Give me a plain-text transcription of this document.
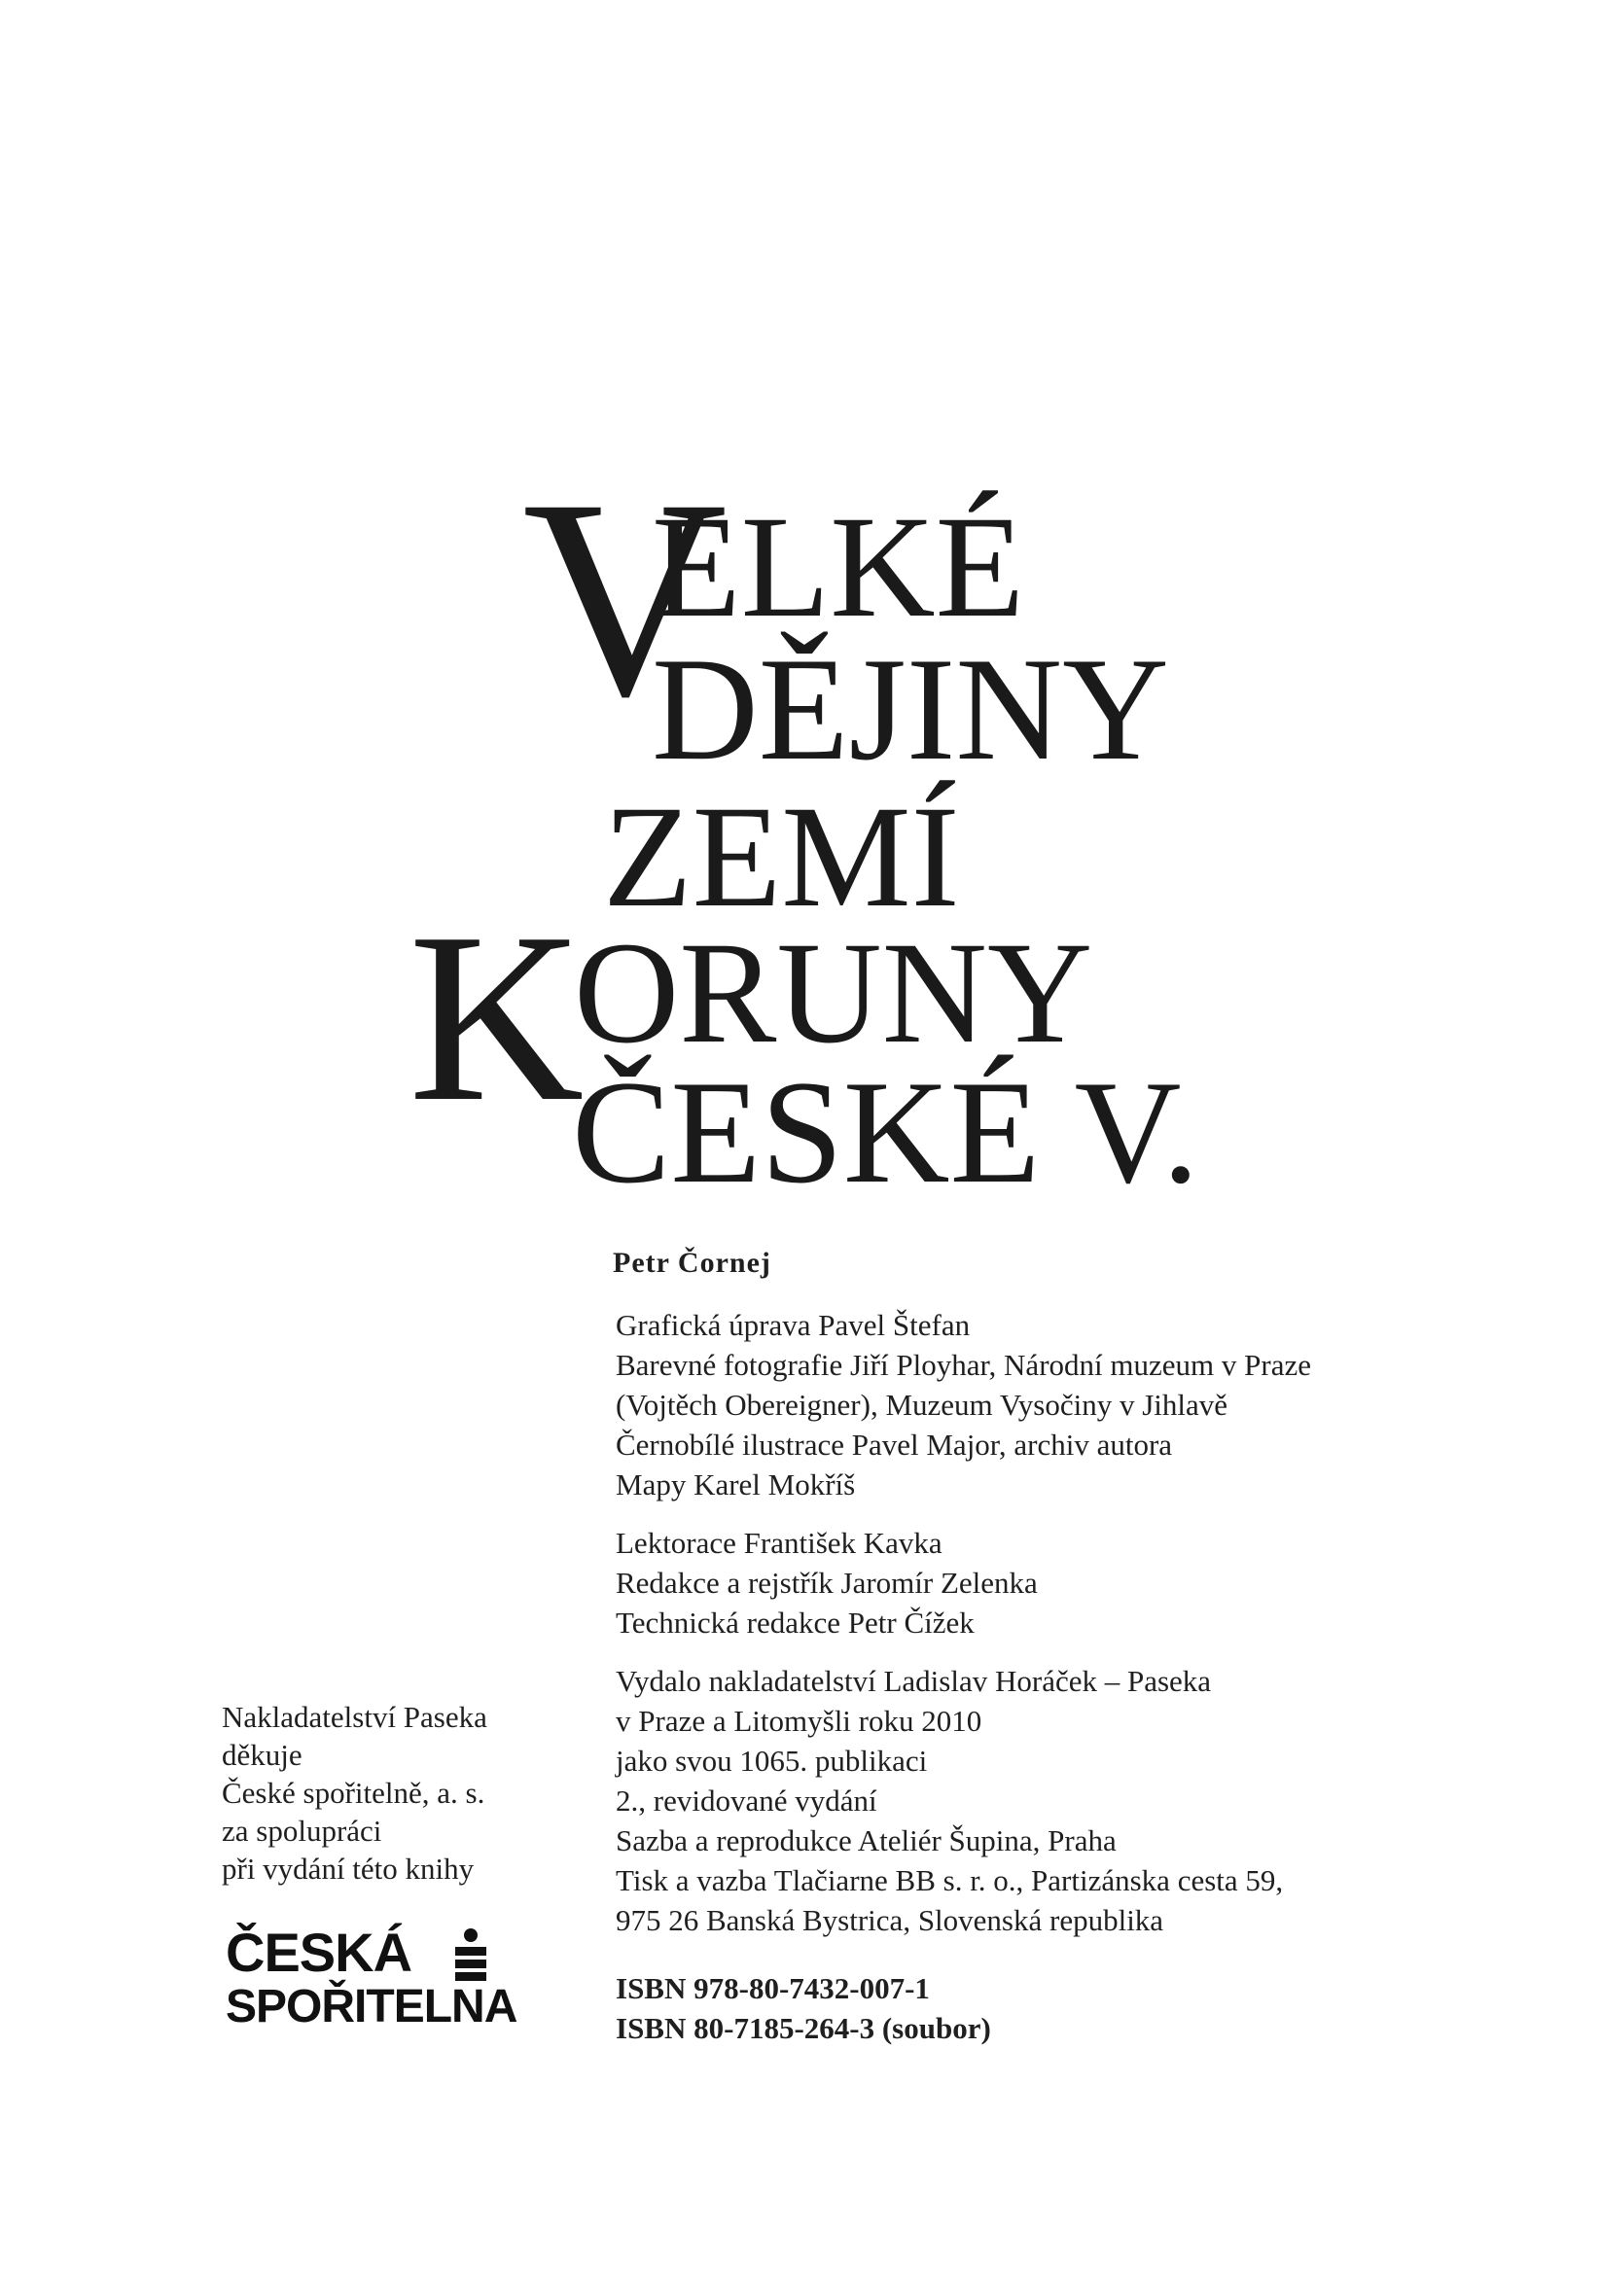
V
ELKÉ
DĚJINY
ZEMÍ
K
ORUNY
ČESKÉ V.
Petr Čornej
Grafická úprava Pavel Štefan
Barevné fotografie Jiří Ployhar, Národní muzeum v Praze
(Vojtěch Obereigner), Muzeum Vysočiny v Jihlavě
Černobílé ilustrace Pavel Major, archiv autora
Mapy Karel Mokříš
Lektorace František Kavka
Redakce a rejstřík Jaromír Zelenka
Technická redakce Petr Čížek
Vydalo nakladatelství Ladislav Horáček – Paseka
v Praze a Litomyšli roku 2010
jako svou 1065. publikaci
2., revidované vydání
Sazba a reprodukce Ateliér Šupina, Praha
Tisk a vazba Tlačiarne BB s. r. o., Partizánska cesta 59,
975 26 Banská Bystrica, Slovenská republika
ISBN 978-80-7432-007-1
ISBN 80-7185-264-3 (soubor)
Nakladatelství Paseka
děkuje
České spořitelně, a. s.
za spolupráci
při vydání této knihy
ČESKÁ
SPOŘITELNA
